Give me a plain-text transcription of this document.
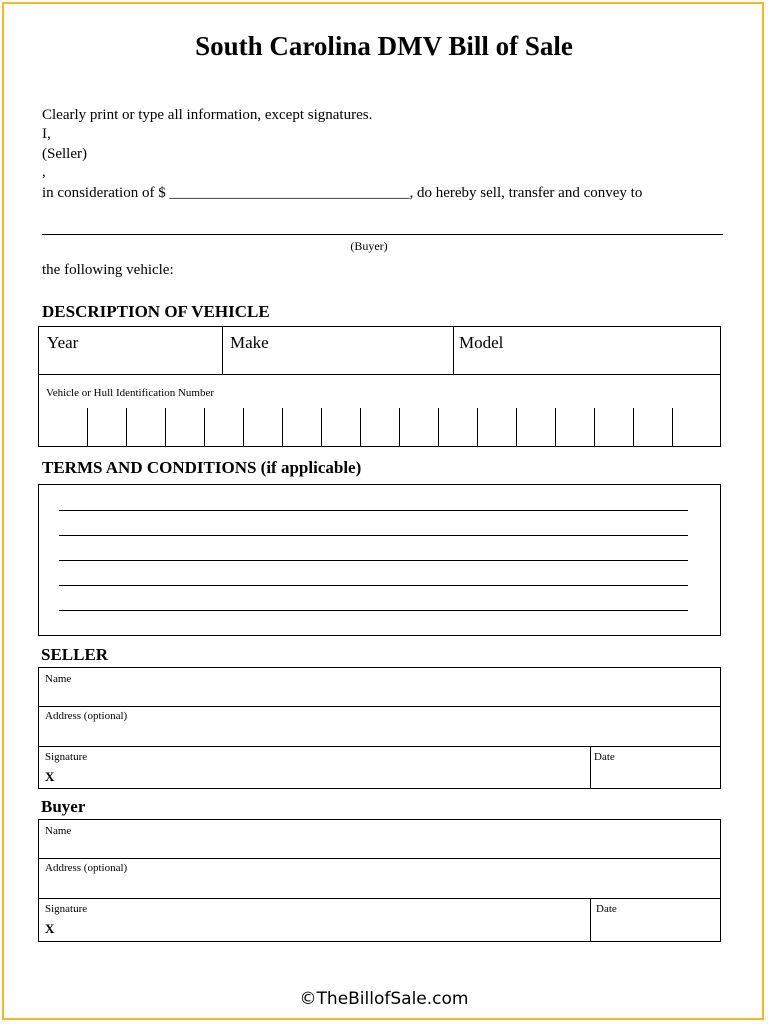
South Carolina DMV Bill of Sale
Clearly print or type all information, except signatures.
I,
(Seller)
,
in consideration of $ ________________________________, do hereby sell, transfer and convey to
(Buyer)
the following vehicle:
DESCRIPTION OF VEHICLE
Year	Make	Model
Vehicle or Hull Identification Number
TERMS AND CONDITIONS (if applicable)
SELLER
Name
Address (optional)
Signature
X
Date
Buyer
Name
Address (optional)
Signature
X
Date
©TheBillofSale.com
